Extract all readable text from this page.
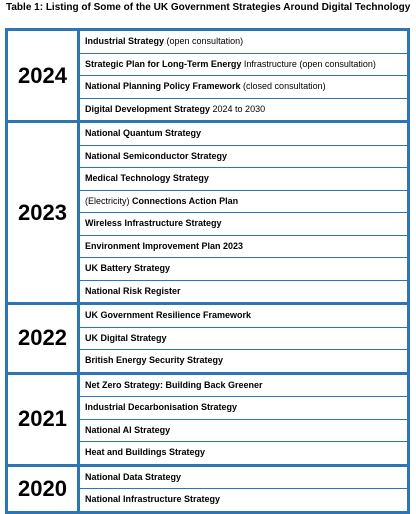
Table 1: Listing of Some of the UK Government Strategies Around Digital Technology
2024
Industrial Strategy (open consultation)
Strategic Plan for Long-Term Energy Infrastructure (open consultation)
National Planning Policy Framework (closed consultation)
Digital Development Strategy 2024 to 2030
2023
National Quantum Strategy
National Semiconductor Strategy
Medical Technology Strategy
(Electricity) Connections Action Plan
Wireless Infrastructure Strategy
Environment Improvement Plan 2023
UK Battery Strategy
National Risk Register
2022
UK Government Resilience Framework
UK Digital Strategy
British Energy Security Strategy
2021
Net Zero Strategy: Building Back Greener
Industrial Decarbonisation Strategy
National AI Strategy
Heat and Buildings Strategy
2020	National Data Strategy
National Infrastructure Strategy
